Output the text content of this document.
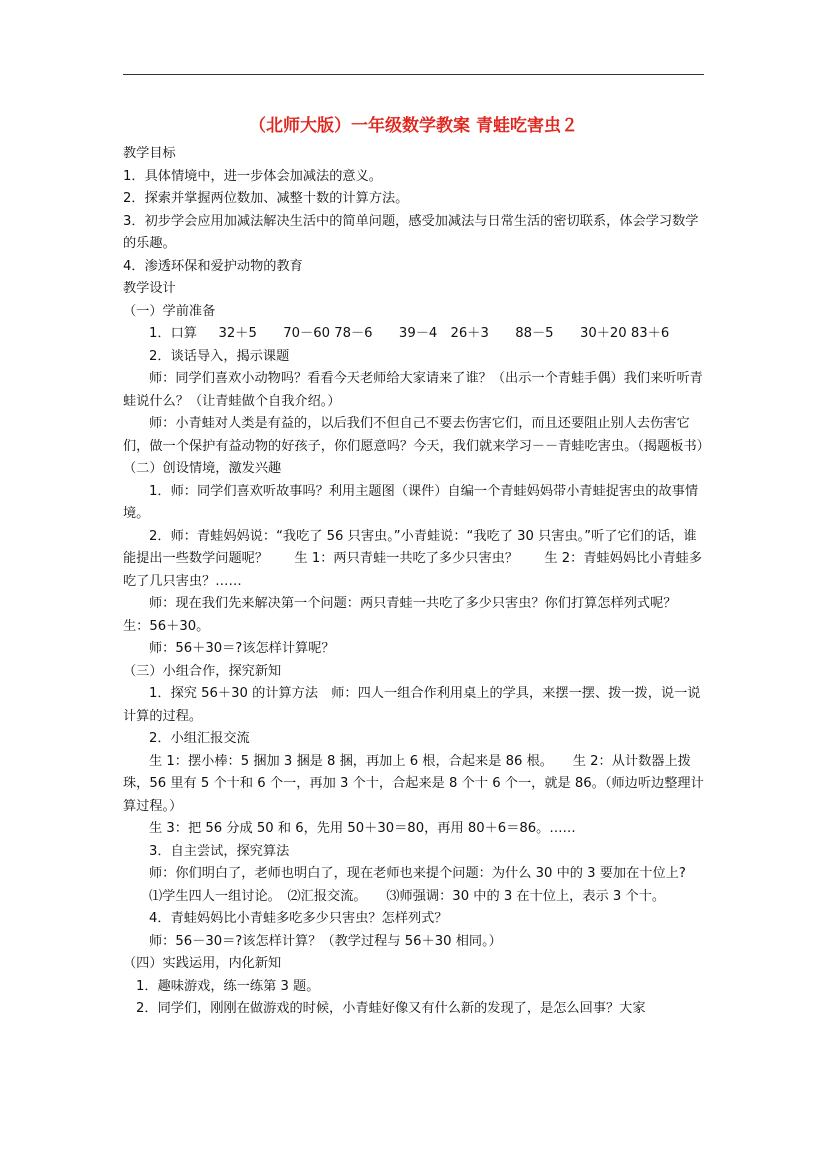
（北师大版）一年级数学教案 青蛙吃害虫２

教学目标

1．具体情境中，进一步体会加减法的意义。

2．探索并掌握两位数加、减整十数的计算方法。

3．初步学会应用加减法解决生活中的简单问题，感受加减法与日常生活的密切联系，体会学习数学的乐趣。

4．渗透环保和爱护动物的教育

教学设计

（一）学前准备

1．口算　  32＋5　　70－60 78－6　　39－4　26＋3　　88－5　　30＋20 83＋6

2．谈话导入，揭示课题

师：同学们喜欢小动物吗？看看今天老师给大家请来了谁？（出示一个青蛙手偶）我们来听听青蛙说什么？（让青蛙做个自我介绍。）

师：小青蛙对人类是有益的，以后我们不但自己不要去伤害它们，而且还要阻止别人去伤害它们，做一个保护有益动物的好孩子，你们愿意吗？今天，我们就来学习－－青蛙吃害虫。（揭题板书）

（二）创设情境，激发兴趣

1．师：同学们喜欢听故事吗？利用主题图（课件）自编一个青蛙妈妈带小青蛙捉害虫的故事情境。

2．师：青蛙妈妈说：“我吃了 56 只害虫。”小青蛙说：“我吃了 30 只害虫。”听了它们的话，谁能提出一些数学问题呢？　　生 1：两只青蛙一共吃了多少只害虫？　　生 2：青蛙妈妈比小青蛙多吃了几只害虫？……

师：现在我们先来解决第一个问题：两只青蛙一共吃了多少只害虫？你们打算怎样列式呢？　  生：56＋30。

师：56＋30＝?该怎样计算呢？

（三）小组合作，探究新知

1．探究 56＋30 的计算方法　师：四人一组合作利用桌上的学具，来摆一摆、拨一拨，说一说计算的过程。

2．小组汇报交流

生 1：摆小棒：5 捆加 3 捆是 8 捆，再加上 6 根，合起来是 86 根。　　生 2：从计数器上拨珠，56 里有 5 个十和 6 个一，再加 3 个十，合起来是 8 个十 6 个一，就是 86。（师边听边整理计算过程。）

生 3：把 56 分成 50 和 6，先用 50＋30＝80，再用 80＋6＝86。……

3．自主尝试，探究算法

师：你们明白了，老师也明白了，现在老师也来提个问题：为什么 30 中的 3 要加在十位上?

⑴学生四人一组讨论。　⑵汇报交流。　　⑶师强调：30 中的 3 在十位上，表示 3 个十。

4．青蛙妈妈比小青蛙多吃多少只害虫？怎样列式？

师：56－30＝?该怎样计算？（教学过程与 56＋30 相同。）

（四）实践运用，内化新知

1．趣味游戏，练一练第 3 题。

2．同学们，刚刚在做游戏的时候，小青蛙好像又有什么新的发现了，是怎么回事？大家
